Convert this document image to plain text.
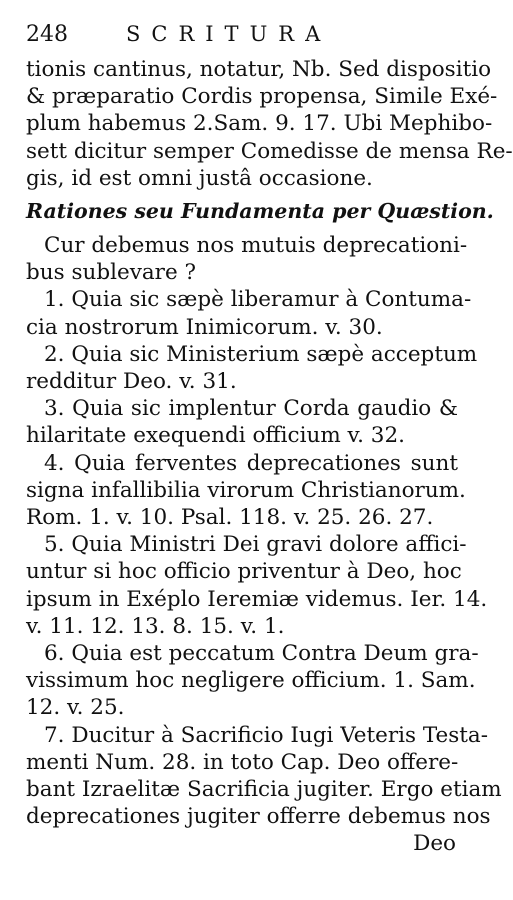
248	SCRITURA
tionis cantinus, notatur, Nb. Sed dispositio
& præparatio Cordis propensa, Simile Exé-
plum habemus 2.Sam. 9. 17. Ubi Mephibo-
sett dicitur semper Comedisse de mensa Re-
gis, id est omni justâ occasione.
Rationes seu Fundamenta per Quæstion.
Cur debemus nos mutuis deprecationi-
bus sublevare ?
1. Quia sic sæpè liberamur à Contuma-
cia nostrorum Inimicorum. v. 30.
2. Quia sic Ministerium sæpè acceptum
redditur Deo. v. 31.
3. Quia sic implentur Corda gaudio &
hilaritate exequendi officium v. 32.
4. Quia ferventes deprecationes sunt
signa infallibilia virorum Christianorum.
Rom. 1. v. 10. Psal. 118. v. 25. 26. 27.
5. Quia Ministri Dei gravi dolore affici-
untur si hoc officio priventur à Deo, hoc
ipsum in Exéplo Ieremiæ videmus. Ier. 14.
v. 11. 12. 13. 8. 15. v. 1.
6. Quia est peccatum Contra Deum gra-
vissimum hoc negligere officium. 1. Sam.
12. v. 25.
7. Ducitur à Sacrificio Iugi Veteris Testa-
menti Num. 28. in toto Cap. Deo offere-
bant Izraelitæ Sacrificia jugiter. Ergo etiam
deprecationes jugiter offerre debemus nos
Deo
